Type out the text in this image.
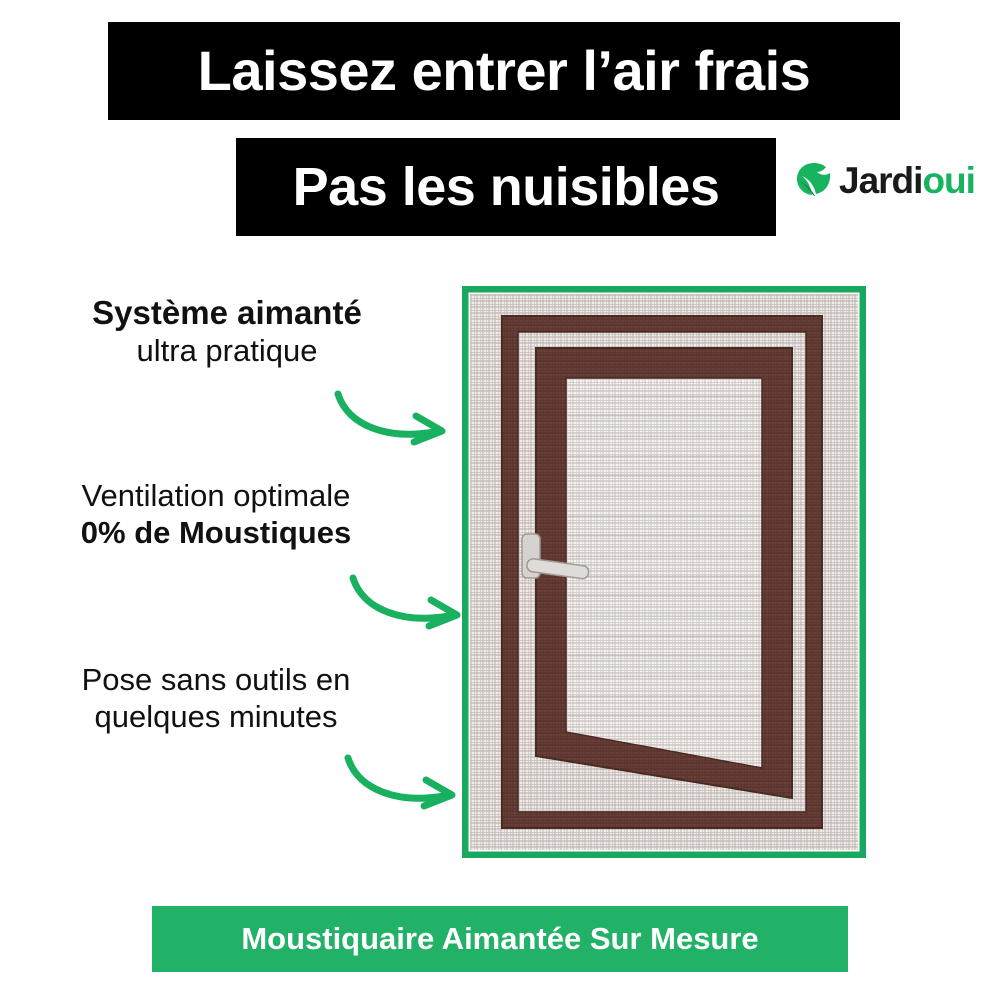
Laissez entrer l’air frais
Pas les nuisibles	Jardioui
Système aimanté
ultra pratique
Ventilation optimale
0% de Moustiques
Pose sans outils en
quelques minutes
Moustiquaire Aimantée Sur Mesure
